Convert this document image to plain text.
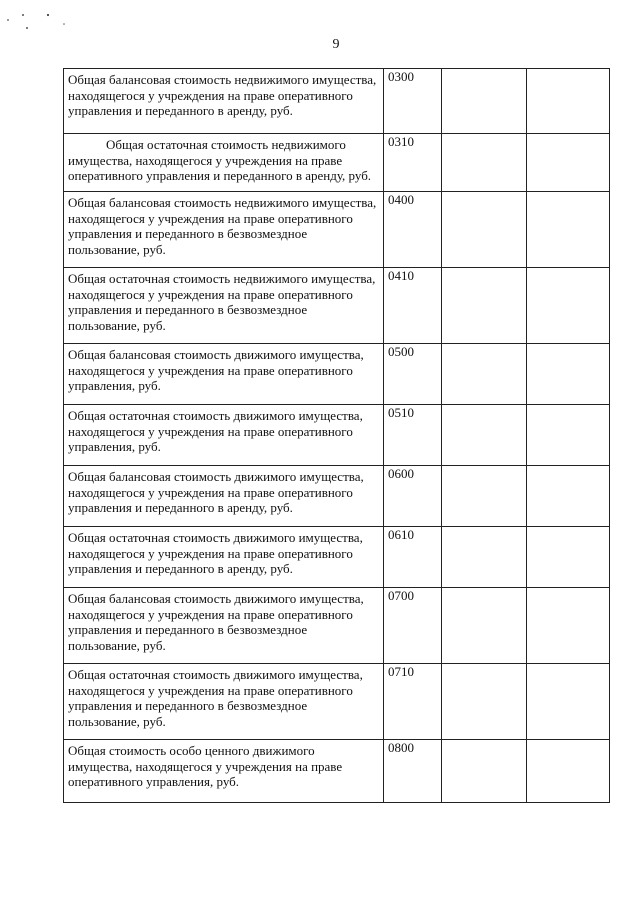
9
Общая балансовая стоимость недвижимого имущества, находящегося у учреждения на праве оперативного управления и переданного в аренду, руб.	0300		

Общая остаточная стоимость недвижимого имущества, находящегося у учреждения на праве оперативного управления и переданного в аренду, руб.	0310		

Общая балансовая стоимость недвижимого имущества, находящегося у учреждения на праве оперативного управления и переданного в безвозмездное пользование, руб.	0400		

Общая остаточная стоимость недвижимого имущества, находящегося у учреждения на праве оперативного управления и переданного в безвозмездное пользование, руб.	0410		

Общая балансовая стоимость движимого имущества, находящегося у учреждения на праве оперативного управления, руб.	0500		

Общая остаточная стоимость движимого имущества, находящегося у учреждения на праве оперативного управления, руб.	0510		

Общая балансовая стоимость движимого имущества, находящегося у учреждения на праве оперативного управления и переданного в аренду, руб.	0600		

Общая остаточная стоимость движимого имущества, находящегося у учреждения на праве оперативного управления и переданного в аренду, руб.	0610		

Общая балансовая стоимость движимого имущества, находящегося у учреждения на праве оперативного управления и переданного в безвозмездное пользование, руб.	0700		

Общая остаточная стоимость движимого имущества, находящегося у учреждения на праве оперативного управления и переданного в безвозмездное пользование, руб.	0710		

Общая стоимость особо ценного движимого имущества, находящегося у учреждения на праве оперативного управления, руб.	0800		
